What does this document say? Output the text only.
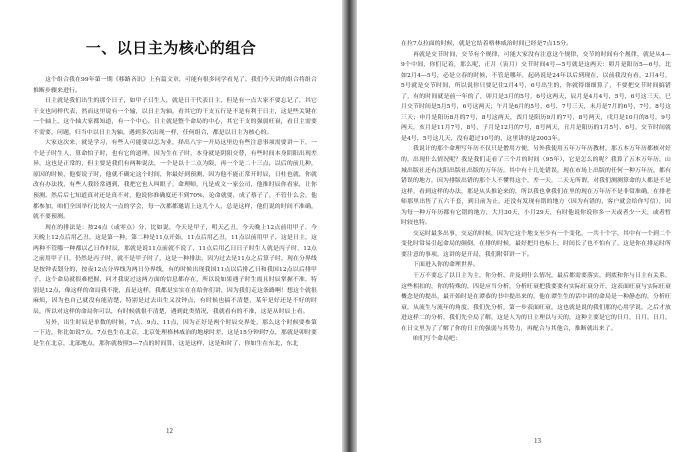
一、以日主为核心的组合

这个组合我在99年第一期《移路吝讯》上有篇文章，可能有很多同学看见了。我们今天讲的组合将组合推断步骤来进行。

日主就是我们出生的那个日子，如甲子日生人，就是日干代表日主，但是有一点大家不要忘记了，其它干支也同样代表，然而这里说有一个输，以日主为轴，看其它的干支五行是不是有利于日主，这是些关键在一个轴上，这个轴大家都知道，有一个中心，日主就是整个命局的中心，其它干支的强弱旺衰，看日主需要不需要，问题，归当中以日主为轴，遇到多次出现一样，任何组合，都是以日主为核心的。

大家这次来，就是学习，有些人可能要以怎为业，择出八字一开局这里边有些注意事项需要讲一下，一个是子时生人，算命怕子时，也有它的道理，因为生在子时，本身就是阴阳交替，有些时间本身阴阳出现差异，这也是正常的，但主要是我们有两种说法，一个是以十二点为限，再一个是二十三点，以后的前几种，原因的时候，他要说子时，他就不确定这个时间，你最好到预测，因为他不能正常开时辰，日柱也就，你就改有办法找，有些人我经常遇到，我把它也人叫眼子，命理师，凡是成文一家公司，他推时辰你看家，让你预测，然后后七知道真对还是真不对，他说你准确度还不到70%，论命就要，成了蔡子了，不管什么会，他都参加，咱们全国举行比较大一点的学会，每一次都都邀请上这儿个人，总是这样，他们说的时间不准确，就不要预测。

现在的排法是：按24点（或零点）分，比如说，今天是甲子，明天乙丑，今天晚上12点前用甲子，今天晚上12点后用乙丑，这是第一种，第二种是11点开始，11点后用乙丑，11点以前用甲子，这是日主，这两种不管哪一种都以乙日作时辰，那就是说11点前就不说了，11点后用乙日日子时生人就是丙子时，12点之前用甲子日，仍然是丙子时，就不是甲子时了，这是一种排法，因为过去是11点之后算子时，现在分界线是按钟表划分的，按夜12点分界线为两日分界线，有的时候出现我国11点以后排乙日和我国12点以后排甲子，这个命局就很难把握，问才我说过这两方面的信息都存在，所以说如果遇子时生霞且时辰掌握不准，特别是12点，像这样的命局我不批，真是这样，我都是实实在在给你们讲，因为我们走这条路啊！想这个就很麻烦，因为也自己就没有能清楚，特别是过去出生又没钟点，有时候也搞不清楚，某年是好还是不好的时辰，所以对这样的命局你可以，有时候就很不清楚，遇到此类情况，我就看有的不准，这是从时辰上看。

另外，出生时辰是单数的时候，7点、9点、11点，因为正好是两个时辰交界处，那么这个时候要参第一下边，你比如说7点，7点也生在北京，北京处理格林威治的地球时差，这是15分钟到7点，那就是卯时要是生在北京，北部地点，那你就按照5—7点的时间算，这是这样，这是和时了，你如生在东北，东北

12

在拉7点拉面的时候，就是它结着格林威治时间已经是7点15分。

再就是交节时间，交节有个规律，可能大家没有注意这个规律，交节的时间有个规律，就是从4—9个中间，你们记着，那么呢，正月（寅月）交节时间4号—5号就是这两天：卯月是阳历5—6号，比如2月4—5号，必是立春的时候，不管是哪年，起码说是24年以后到现在，以前我没有看，2月4号，5号就是交节时间，所以说你只要记住2月4号，6号出生的，你就得细细算了，不要把交节时间搞错了，有的时间就是前一年的了，卯月是3月的5号，6号这两天，辰月是4月4号，5号，6号这三天，巳月交节时间是5月5号，6号这两天；午月是6月的5号，6号，7号三天，未月是7月的6号，7号，8号这三天；申月是阳历8月的7号，8号这两天，酉月是阳历9月的7号，8号两天，戌月是10月的8号，9号两天，亥月是11月7号，8号，子月是12月的7号，8号两天，丑月是阳历的1月5号，6号，交节时间就是4号，5号这几天，没有超过10号的，这里讲的是2003年。

我说计的那个命理写年历不仅只是僧用方便，另外我使用五年万年历教材，那五本万年历都核对好的，出现什么情况呢？我是我们走看了三个月的时间（95年），它是怎么的呢？我算了五本万年历，山城出版社还有沈阳出版社出版的万年历，其中有十几处错误，现在市场上出版的任何一种万年历，都有错误的地方，因为排版出错的那个人不懂得这个，差一天，二天无所谓，对我们测测算命的人都是不是这样，看到这样的办法，那是从头推论来的，所以我也拿我们在里的现在万年历不是非常准确，在排老师那里出售了五六千套，到日前为止，还没有发现有错的地方（因为有错的，客户就会给你写信），因为每一种万年历都有它错的地方，大月30天，小月29天，有时他说你说你多一天或者少一天，或者暂时较也特。

交运时最多出事，交运的时候，因为它这个地支至少有一个变化，一共十个字，其中有一个到二个变化时常易引起命局的颠倒，在排的时候，最好把月也标上，时间长了也不怕有了，这是你在排运时所要注意的事项，这讲的是开局，我们附带讲一下。

下面进入你的命理世界。

干万不要忘了以日主为主，你分析、并及到什么情况，最后都需要落实，到底和你与日主有关系，这些相扣的，你的特殊的，四是应当分析，分析旺衰把我要要有实际旺衰分开，这表面旺衰与实际旺衰概念是的提出，最开始时是在谭恭的书中提出来的，他在谭生生的话中讲的命局是一种静态的，分析旺衰，从流生与流年的角度，我们先分析，第一步表面旺衰，这也就是说的我们那的心用学说，之后才放进这样二的分析，我们先全局了解，这是人为的日主理以与天的，这种主要是它的日月，日月，日月，在日文里为了了解了你的日主的强弱与其势力，再配合与其他合，推断就出来了。

咱们写个命局吧：

13
